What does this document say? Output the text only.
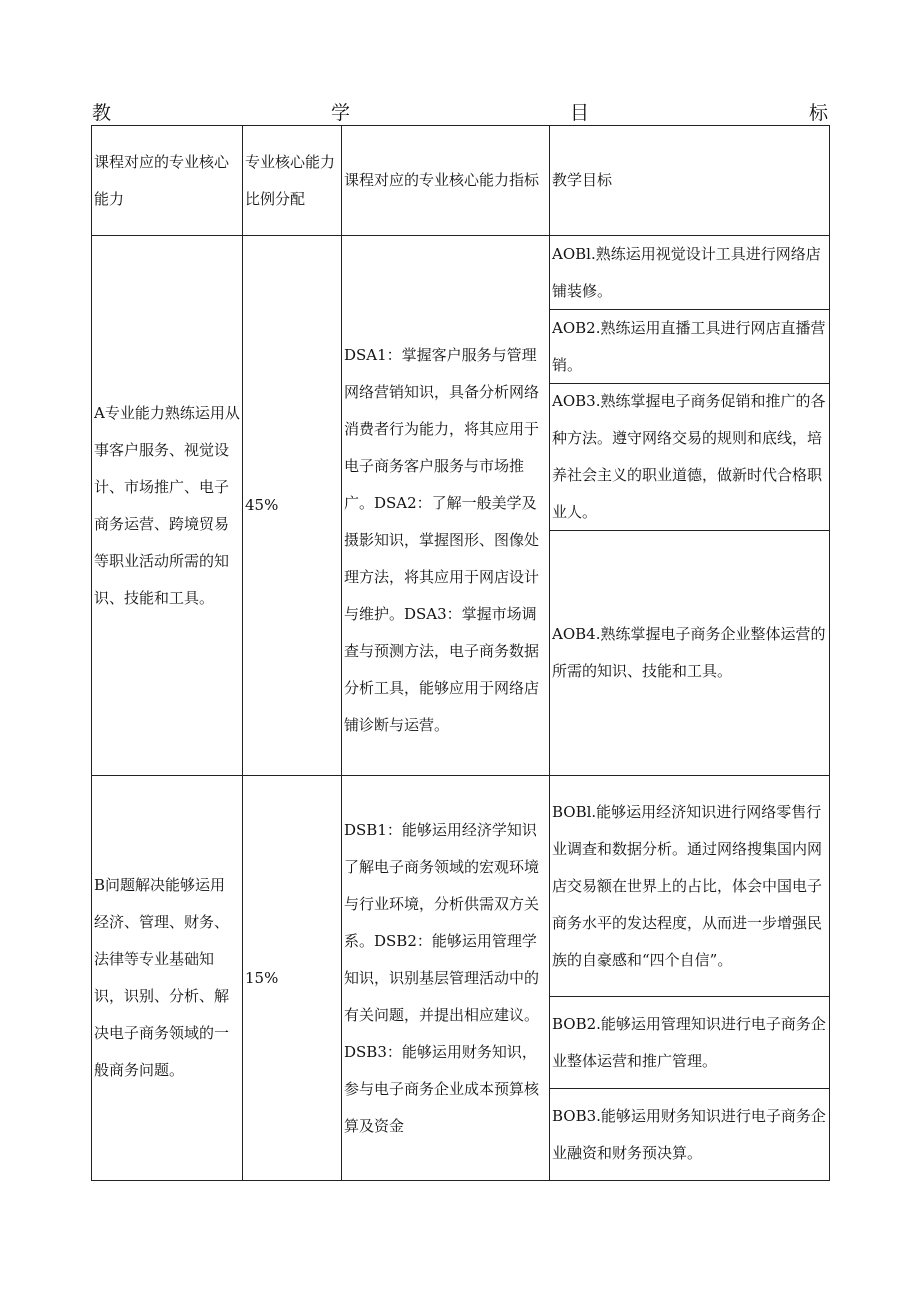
教	学	目	标
课程对应的专业核心能力	专业核心能力比例分配	课程对应的专业核心能力指标	教学目标
A专业能力熟练运用从事客户服务、视觉设计、市场推广、电子商务运营、跨境贸易等职业活动所需的知识、技能和工具。	45%	DSA1：掌握客户服务与管理网络营销知识，具备分析网络消费者行为能力，将其应用于电子商务客户服务与市场推广。DSA2：了解一般美学及摄影知识，掌握图形、图像处理方法，将其应用于网店设计与维护。DSA3：掌握市场调查与预测方法，电子商务数据分析工具，能够应用于网络店铺诊断与运营。	AOBl.熟练运用视觉设计工具进行网络店铺装修。
AOB2.熟练运用直播工具进行网店直播营销。
AOB3.熟练掌握电子商务促销和推广的各种方法。遵守网络交易的规则和底线，培养社会主义的职业道德，做新时代合格职业人。
AOB4.熟练掌握电子商务企业整体运营的所需的知识、技能和工具。

B问题解决能够运用经济、管理、财务、法律等专业基础知识，识别、分析、解决电子商务领域的一般商务问题。	15%	DSB1：能够运用经济学知识了解电子商务领域的宏观环境与行业环境，分析供需双方关系。DSB2：能够运用管理学知识，识别基层管理活动中的有关问题，并提出相应建议。DSB3：能够运用财务知识，参与电子商务企业成本预算核算及资金	BOBl.能够运用经济知识进行网络零售行业调查和数据分析。通过网络搜集国内网店交易额在世界上的占比，体会中国电子商务水平的发达程度，从而进一步增强民族的自豪感和“四个自信”。
BOB2.能够运用管理知识进行电子商务企业整体运营和推广管理。
BOB3.能够运用财务知识进行电子商务企业融资和财务预决算。
